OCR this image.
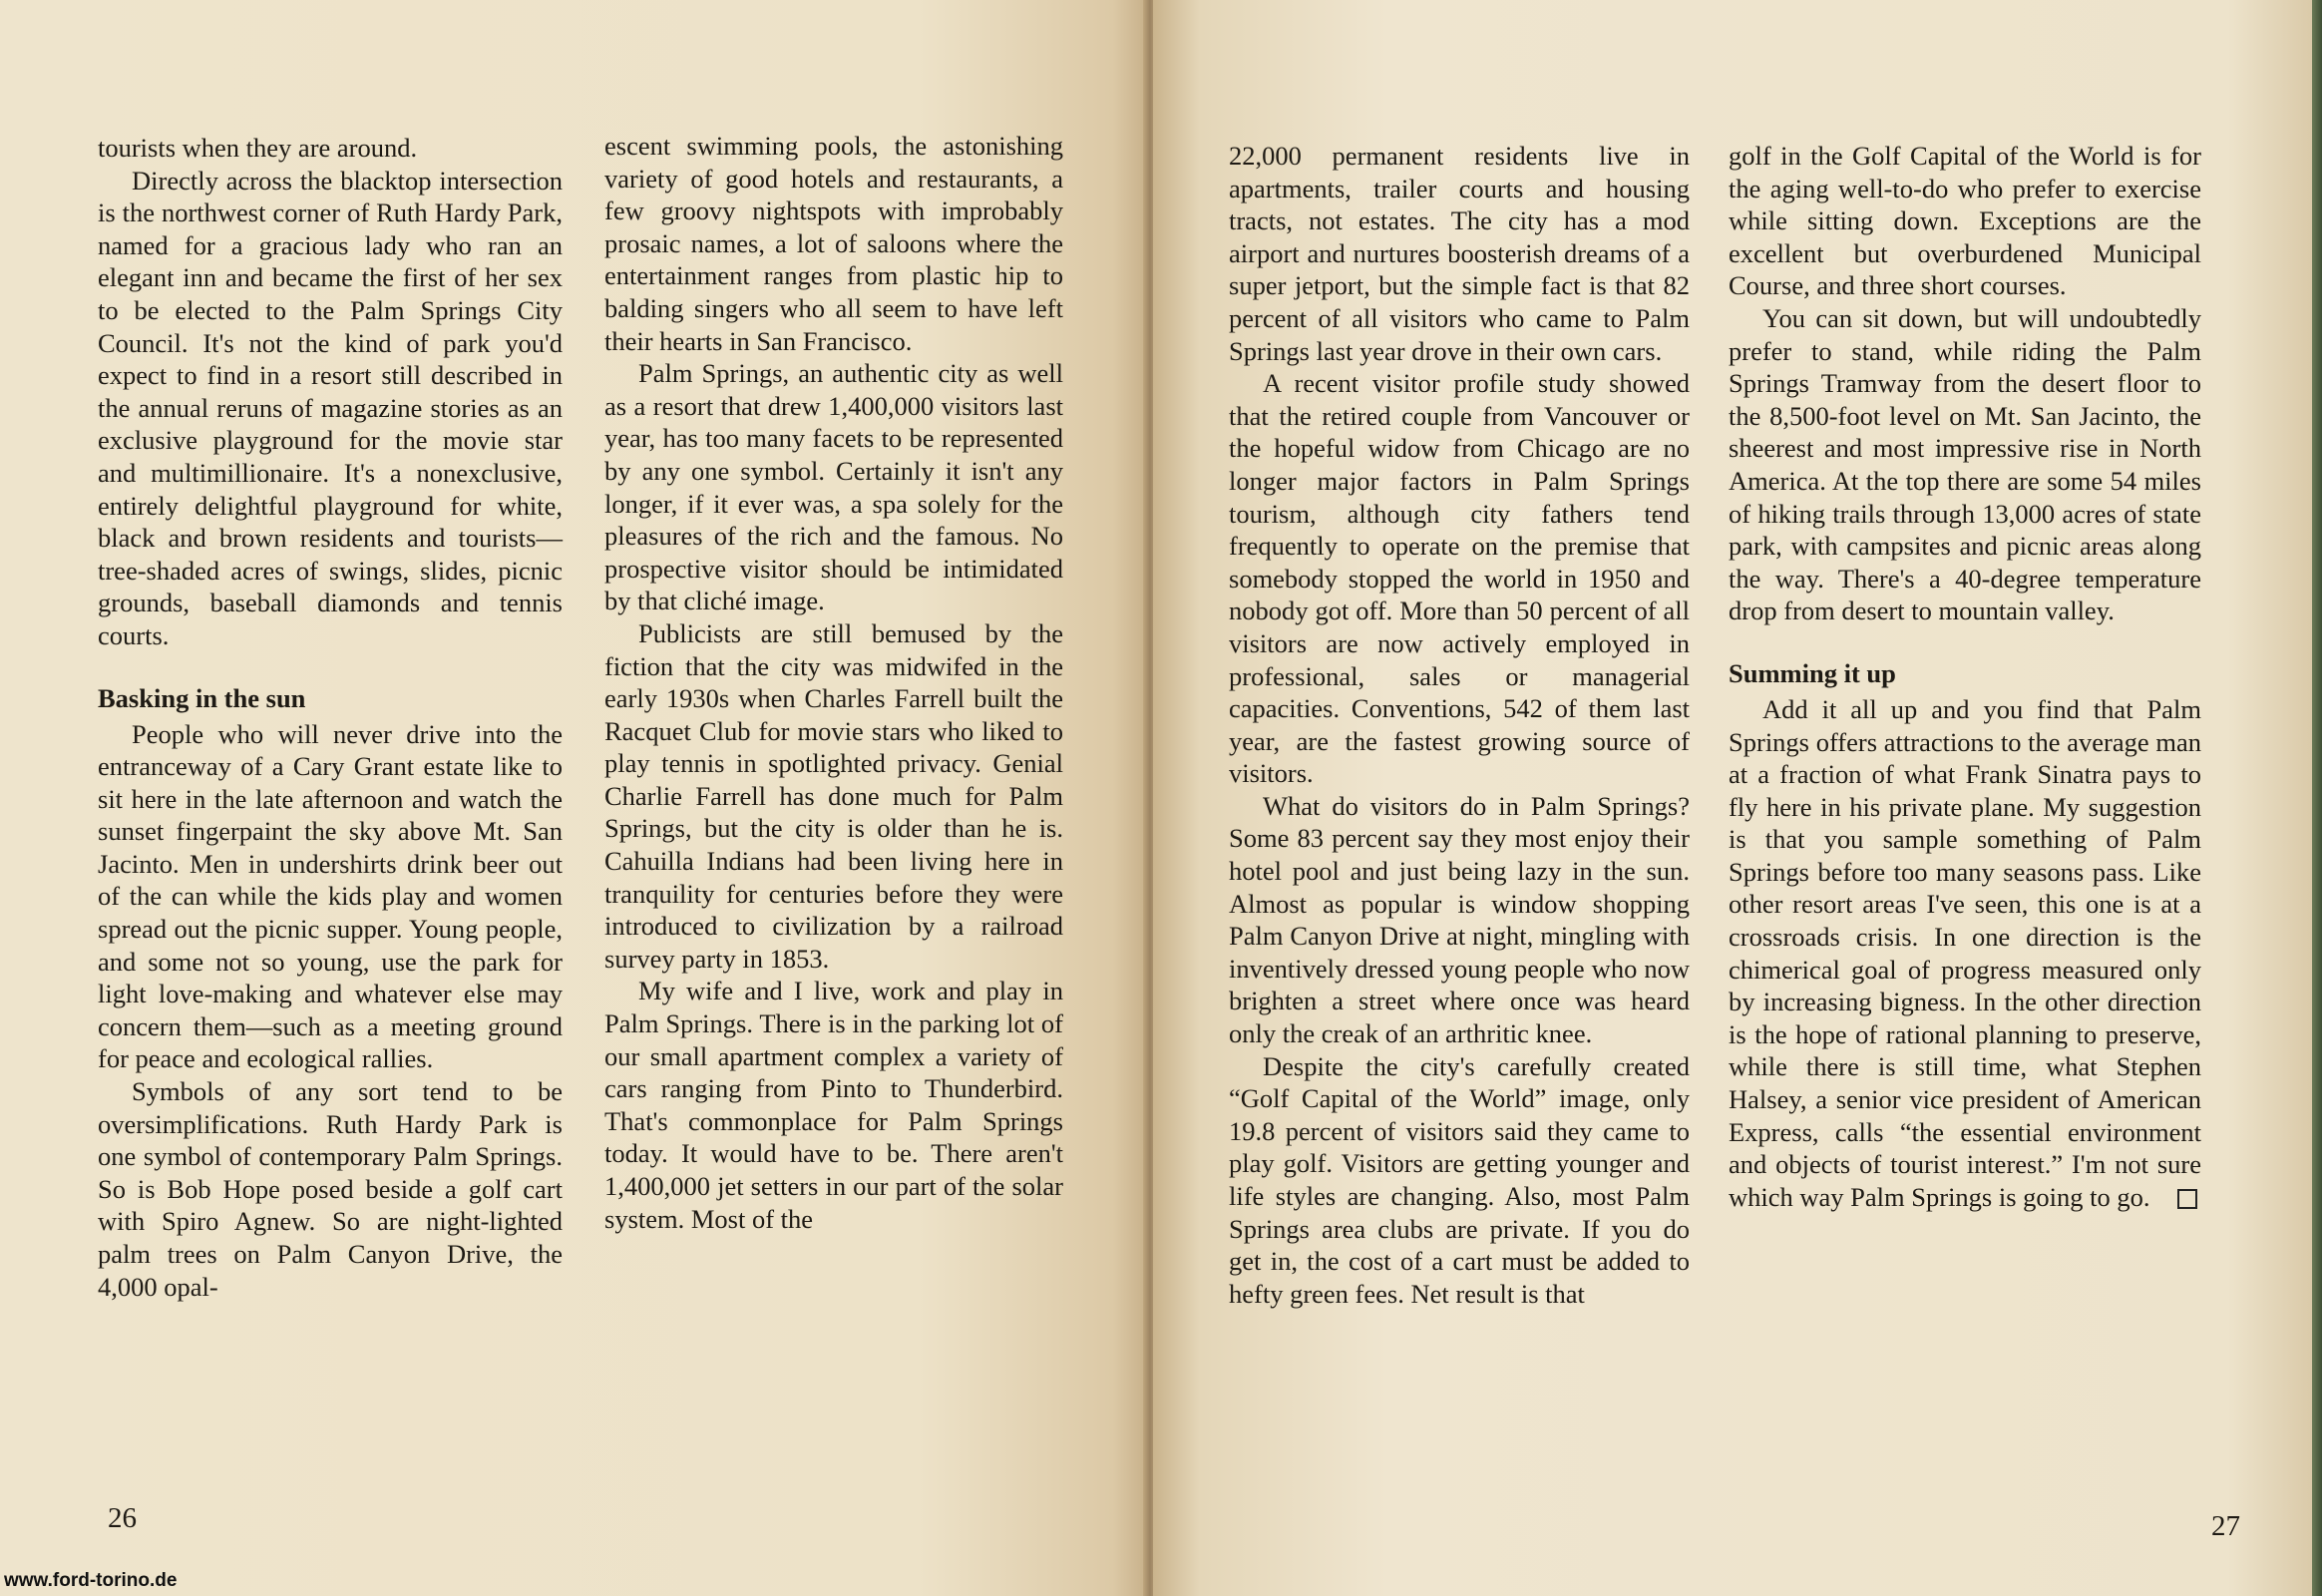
tourists when they are around.

Directly across the blacktop intersection is the northwest corner of Ruth Hardy Park, named for a gracious lady who ran an elegant inn and became the first of her sex to be elected to the Palm Springs City Council. It's not the kind of park you'd expect to find in a resort still described in the annual reruns of magazine stories as an exclusive playground for the movie star and multimillionaire. It's a nonexclusive, entirely delightful playground for white, black and brown residents and tourists—tree-shaded acres of swings, slides, picnic grounds, baseball diamonds and tennis courts.

Basking in the sun

People who will never drive into the entranceway of a Cary Grant estate like to sit here in the late afternoon and watch the sunset fingerpaint the sky above Mt. San Jacinto. Men in undershirts drink beer out of the can while the kids play and women spread out the picnic supper. Young people, and some not so young, use the park for light love-making and whatever else may concern them—such as a meeting ground for peace and ecological rallies.

Symbols of any sort tend to be oversimplifications. Ruth Hardy Park is one symbol of contemporary Palm Springs. So is Bob Hope posed beside a golf cart with Spiro Agnew. So are night-lighted palm trees on Palm Canyon Drive, the 4,000 opal-

escent swimming pools, the astonishing variety of good hotels and restaurants, a few groovy nightspots with improbably prosaic names, a lot of saloons where the entertainment ranges from plastic hip to balding singers who all seem to have left their hearts in San Francisco.

Palm Springs, an authentic city as well as a resort that drew 1,400,000 visitors last year, has too many facets to be represented by any one symbol. Certainly it isn't any longer, if it ever was, a spa solely for the pleasures of the rich and the famous. No prospective visitor should be intimidated by that cliché image.

Publicists are still bemused by the fiction that the city was midwifed in the early 1930s when Charles Farrell built the Racquet Club for movie stars who liked to play tennis in spotlighted privacy. Genial Charlie Farrell has done much for Palm Springs, but the city is older than he is. Cahuilla Indians had been living here in tranquility for centuries before they were introduced to civilization by a railroad survey party in 1853.

My wife and I live, work and play in Palm Springs. There is in the parking lot of our small apartment complex a variety of cars ranging from Pinto to Thunderbird. That's commonplace for Palm Springs today. It would have to be. There aren't 1,400,000 jet setters in our part of the solar system. Most of the

26

22,000 permanent residents live in apartments, trailer courts and housing tracts, not estates. The city has a mod airport and nurtures boosterish dreams of a super jetport, but the simple fact is that 82 percent of all visitors who came to Palm Springs last year drove in their own cars.

A recent visitor profile study showed that the retired couple from Vancouver or the hopeful widow from Chicago are no longer major factors in Palm Springs tourism, although city fathers tend frequently to operate on the premise that somebody stopped the world in 1950 and nobody got off. More than 50 percent of all visitors are now actively employed in professional, sales or managerial capacities. Conventions, 542 of them last year, are the fastest growing source of visitors.

What do visitors do in Palm Springs? Some 83 percent say they most enjoy their hotel pool and just being lazy in the sun. Almost as popular is window shopping Palm Canyon Drive at night, mingling with inventively dressed young people who now brighten a street where once was heard only the creak of an arthritic knee.

Despite the city's carefully created “Golf Capital of the World” image, only 19.8 percent of visitors said they came to play golf. Visitors are getting younger and life styles are changing. Also, most Palm Springs area clubs are private. If you do get in, the cost of a cart must be added to hefty green fees. Net result is that

golf in the Golf Capital of the World is for the aging well-to-do who prefer to exercise while sitting down. Exceptions are the excellent but overburdened Municipal Course, and three short courses.

You can sit down, but will undoubtedly prefer to stand, while riding the Palm Springs Tramway from the desert floor to the 8,500-foot level on Mt. San Jacinto, the sheerest and most impressive rise in North America. At the top there are some 54 miles of hiking trails through 13,000 acres of state park, with campsites and picnic areas along the way. There's a 40-degree temperature drop from desert to mountain valley.

Summing it up

Add it all up and you find that Palm Springs offers attractions to the average man at a fraction of what Frank Sinatra pays to fly here in his private plane. My suggestion is that you sample something of Palm Springs before too many seasons pass. Like other resort areas I've seen, this one is at a crossroads crisis. In one direction is the chimerical goal of progress measured only by increasing bigness. In the other direction is the hope of rational planning to preserve, while there is still time, what Stephen Halsey, a senior vice president of American Express, calls “the essential environment and objects of tourist interest.” I'm not sure which way Palm Springs is going to go.

27
www.ford-torino.de
